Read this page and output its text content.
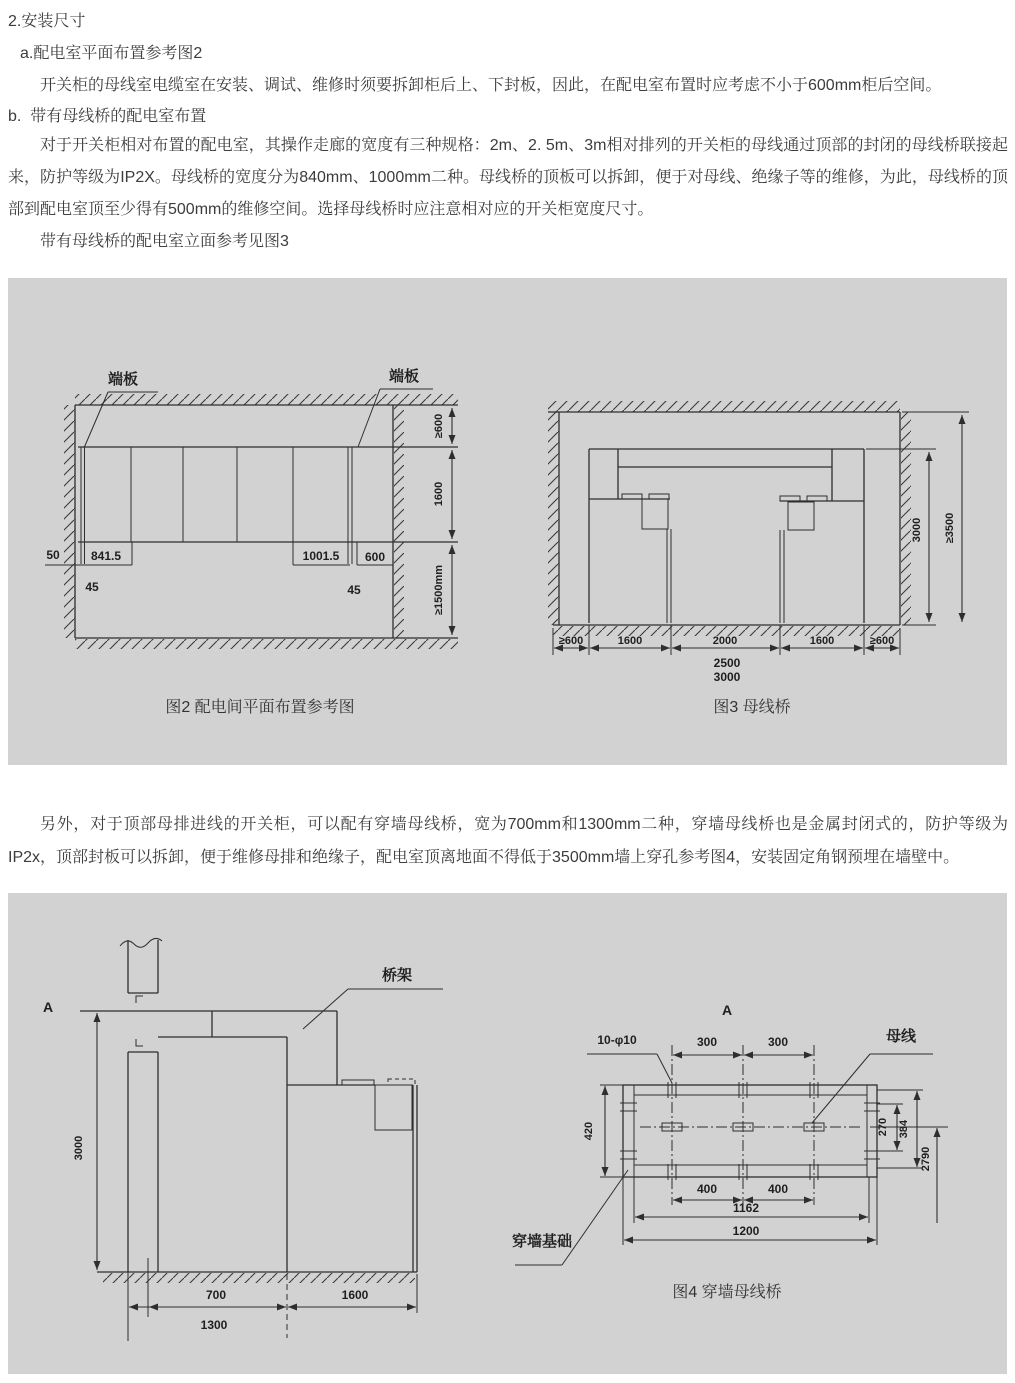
2.安装尺寸
a.配电室平面布置参考图2
开关柜的母线室电缆室在安装、调试、维修时须要拆卸柜后上、下封板，因此，在配电室布置时应考虑不小于600mm柜后空间。
b.  带有母线桥的配电室布置
对于开关柜相对布置的配电室，其操作走廊的宽度有三种规格：2m、2. 5m、3m相对排列的开关柜的母线通过顶部的封闭的母线桥联接起来，防护等级为IP2X。母线桥的宽度分为840mm、1000mm二种。母线桥的顶板可以拆卸，便于对母线、绝缘子等的维修，为此，母线桥的顶部到配电室顶至少得有500mm的维修空间。选择母线桥时应注意相对应的开关柜宽度尺寸。
带有母线桥的配电室立面参考见图3
端板	端板
50	841.5
45
1001.5 600
45
≥600
1600
≥1500mm
≥600	1600	2000	1600	≥600
2500
3000
3000 ≥3500
图2 配电间平面布置参考图	图3 母线桥
另外，对于顶部母排进线的开关柜，可以配有穿墙母线桥，宽为700mm和1300mm二种，穿墙母线桥也是金属封闭式的，防护等级为IP2x，顶部封板可以拆卸，便于维修母排和绝缘子，配电室顶离地面不得低于3500mm墙上穿孔参考图4，安装固定角钢预埋在墙壁中。
A
桥架
3000
700	1600
1300
A
10-φ10	母线
穿墙基础
300	300
420	270 384
2790
400	400
1162
1200
图4 穿墙母线桥
